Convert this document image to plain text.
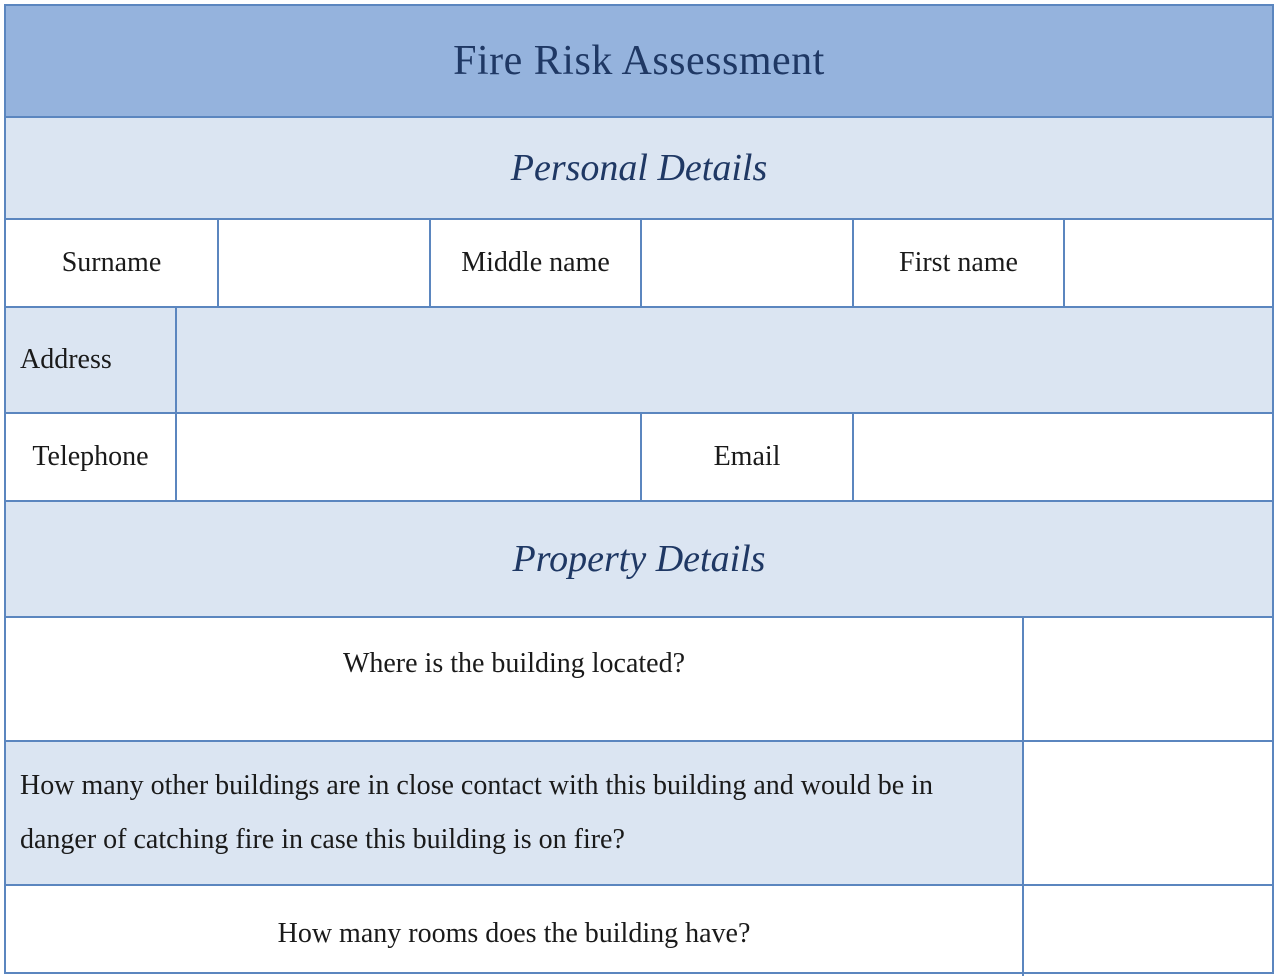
Fire Risk Assessment
Personal Details
Surname	Middle name	First name
Address
Telephone	Email
Property Details
Where is the building located?
How many other buildings are in close contact with this building and would be in danger of catching fire in case this building is on fire?
How many rooms does the building have?
